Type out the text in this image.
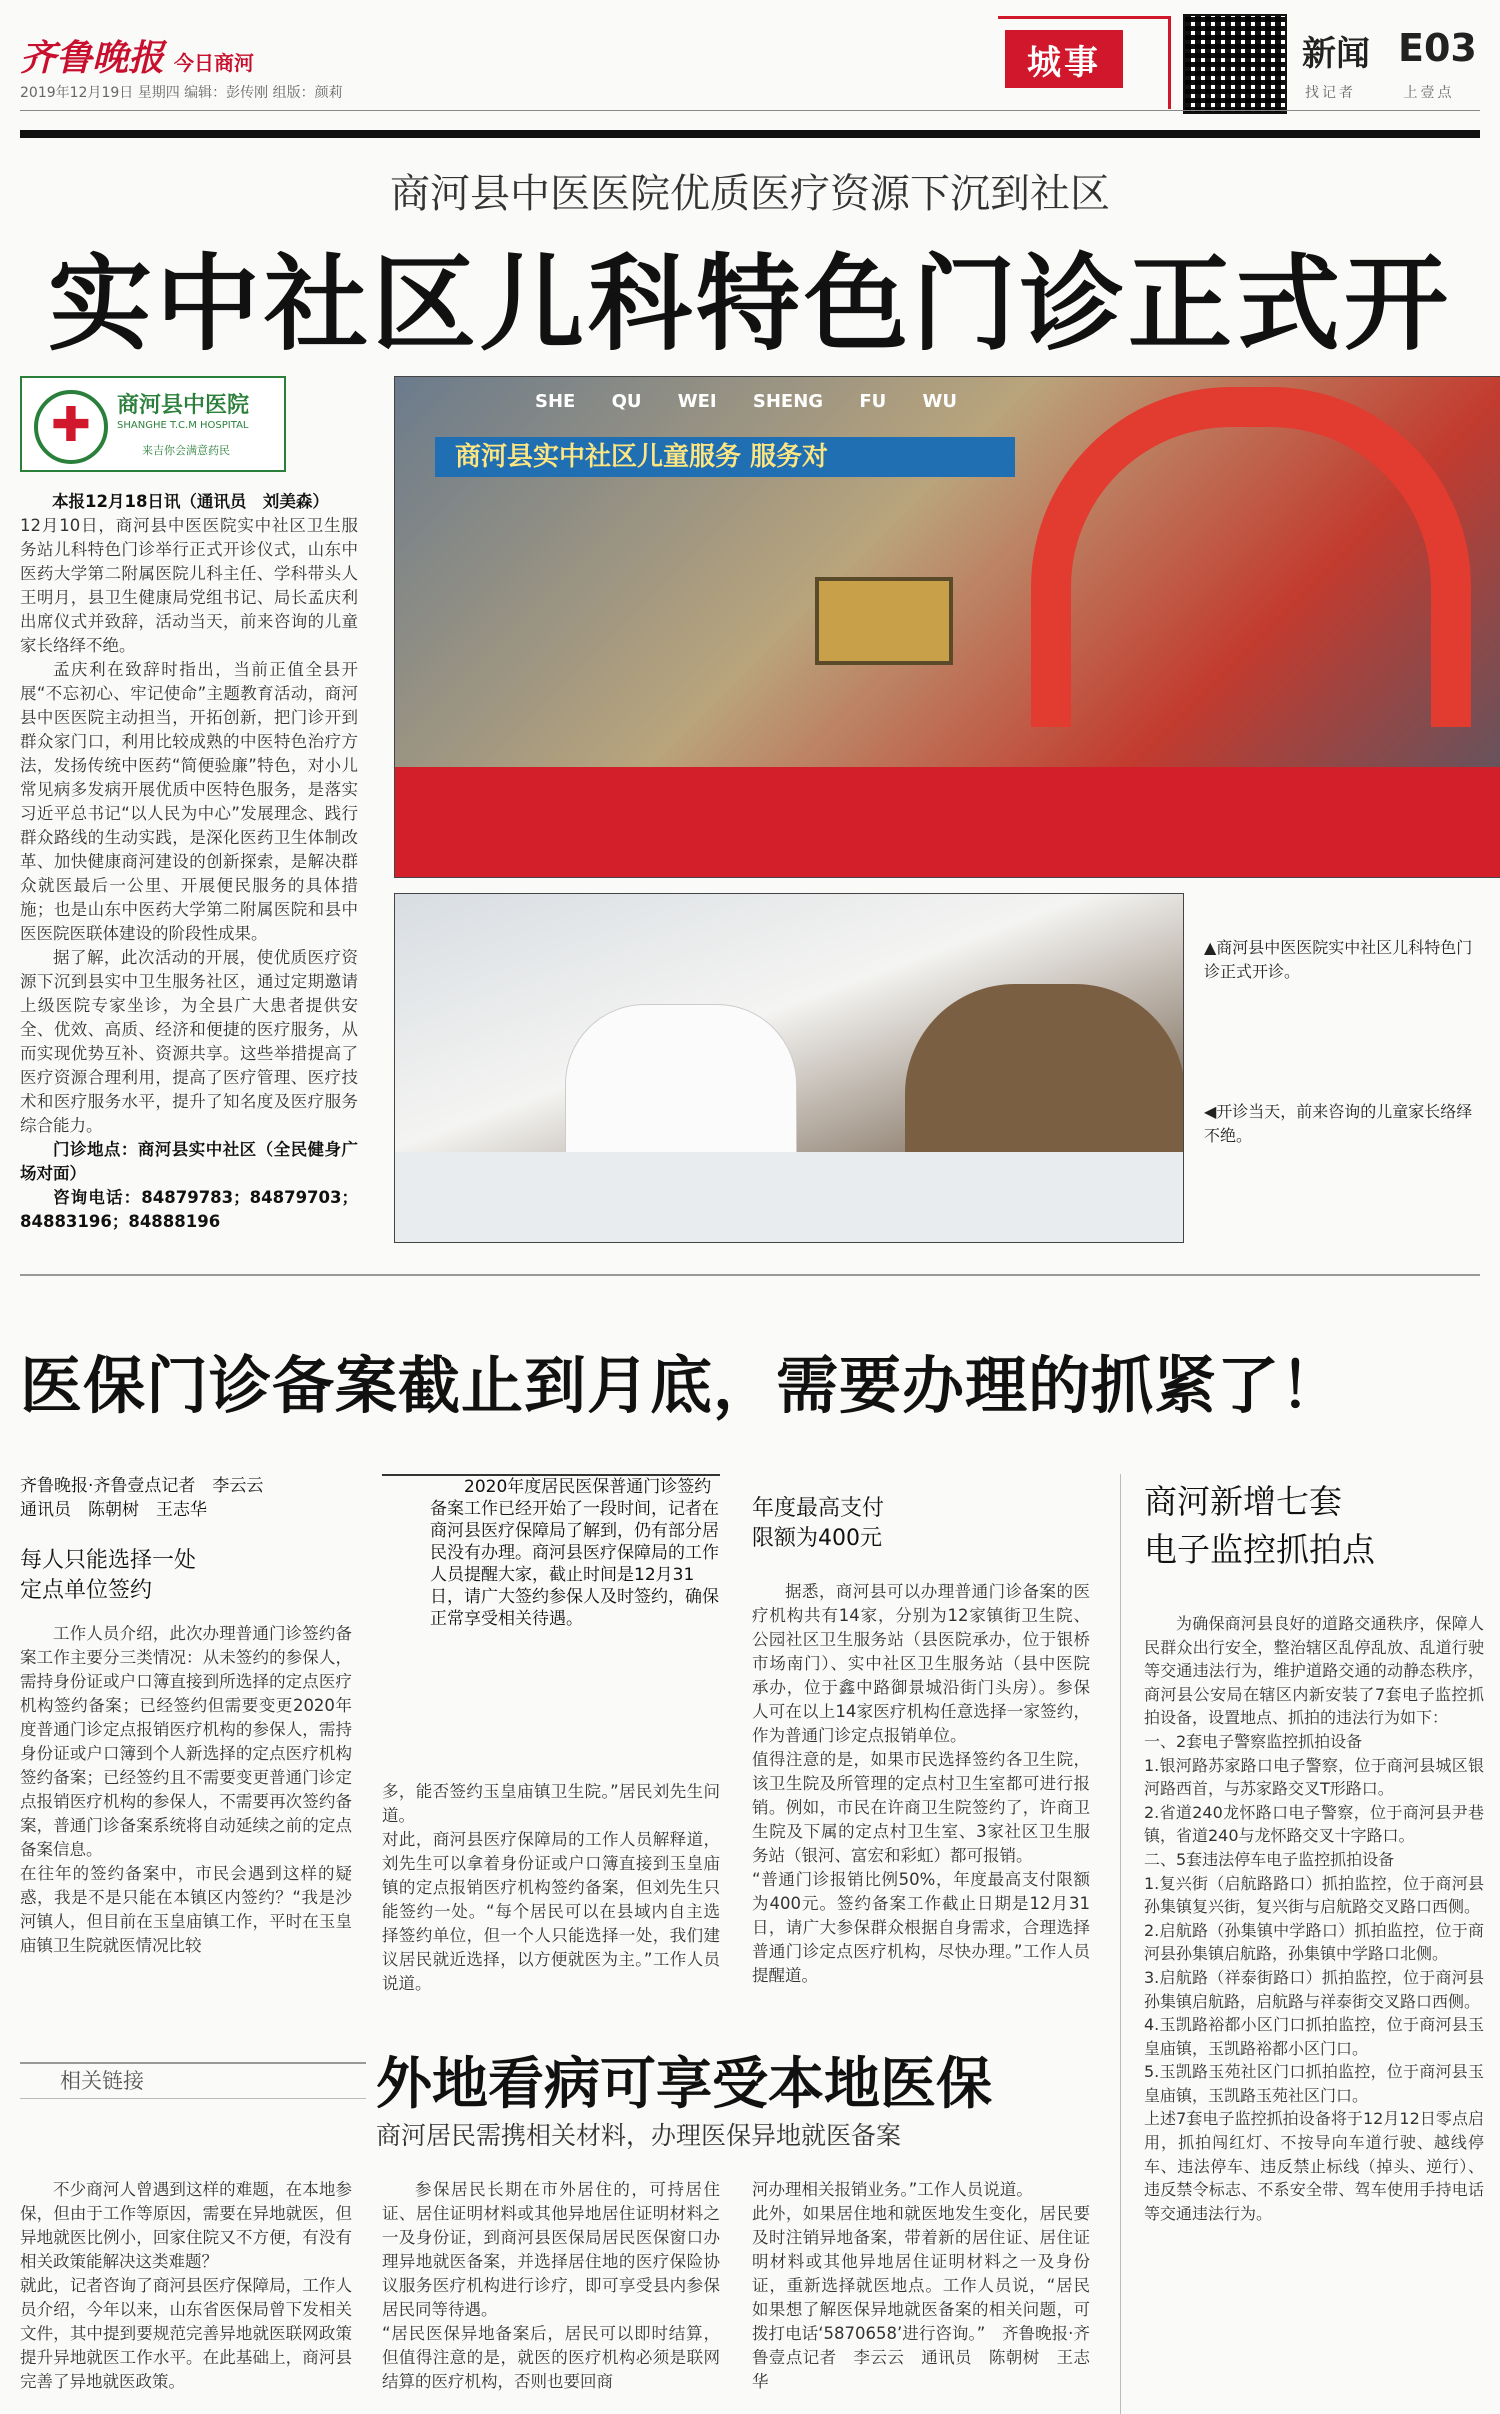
齐鲁晚报 今日商河
2019年12月19日 星期四 编辑：彭传刚 组版：颜莉
城事	新闻 E03
找记者 上壹点
商河县中医医院优质医疗资源下沉到社区
实中社区儿科特色门诊正式开
✚	商河县中医院
SHANGHE T.C.M HOSPITAL
来吉你会满意药民
本报12月18日讯（通讯员　刘美森）

12月10日，商河县中医医院实中社区卫生服务站儿科特色门诊举行正式开诊仪式，山东中医药大学第二附属医院儿科主任、学科带头人王明月，县卫生健康局党组书记、局长孟庆利出席仪式并致辞，活动当天，前来咨询的儿童家长络绎不绝。

孟庆利在致辞时指出，当前正值全县开展“不忘初心、牢记使命”主题教育活动，商河县中医医院主动担当，开拓创新，把门诊开到群众家门口，利用比较成熟的中医特色治疗方法，发扬传统中医药“简便验廉”特色，对小儿常见病多发病开展优质中医特色服务，是落实习近平总书记“以人民为中心”发展理念、践行群众路线的生动实践，是深化医药卫生体制改革、加快健康商河建设的创新探索，是解决群众就医最后一公里、开展便民服务的具体措施；也是山东中医药大学第二附属医院和县中医医院医联体建设的阶段性成果。

据了解，此次活动的开展，使优质医疗资源下沉到县实中卫生服务社区，通过定期邀请上级医院专家坐诊，为全县广大患者提供安全、优效、高质、经济和便捷的医疗服务，从而实现优势互补、资源共享。这些举措提高了医疗资源合理利用，提高了医疗管理、医疗技术和医疗服务水平，提升了知名度及医疗服务综合能力。

门诊地点：商河县实中社区（全民健身广场对面）
咨询电话：84879783；84879703；84883196；84888196
SHE QU WEI SHENG FU WU
商河县实中社区儿童服务 服务对
▲商河县中医医院实中社区儿科特色门诊正式开诊。
◀开诊当天，前来咨询的儿童家长络绎不绝。
医保门诊备案截止到月底，需要办理的抓紧了！
齐鲁晚报·齐鲁壹点记者　李云云
通讯员　陈朝树　王志华
每人只能选择一处
定点单位签约
工作人员介绍，此次办理普通门诊签约备案工作主要分三类情况：从未签约的参保人，需持身份证或户口簿直接到所选择的定点医疗机构签约备案；已经签约但需要变更2020年度普通门诊定点报销医疗机构的参保人，需持身份证或户口簿到个人新选择的定点医疗机构签约备案；已经签约且不需要变更普通门诊定点报销医疗机构的参保人，不需要再次签约备案，普通门诊备案系统将自动延续之前的定点备案信息。
在往年的签约备案中，市民会遇到这样的疑惑，我是不是只能在本镇区内签约？“我是沙河镇人，但目前在玉皇庙镇工作，平时在玉皇庙镇卫生院就医情况比较
2020年度居民医保普通门诊签约备案工作已经开始了一段时间，记者在商河县医疗保障局了解到，仍有部分居民没有办理。商河县医疗保障局的工作人员提醒大家，截止时间是12月31日，请广大签约参保人及时签约，确保正常享受相关待遇。
多，能否签约玉皇庙镇卫生院。”居民刘先生问道。
对此，商河县医疗保障局的工作人员解释道，刘先生可以拿着身份证或户口簿直接到玉皇庙镇的定点报销医疗机构签约备案，但刘先生只能签约一处。“每个居民可以在县域内自主选择签约单位，但一个人只能选择一处，我们建议居民就近选择，以方便就医为主。”工作人员说道。
年度最高支付
限额为400元
据悉，商河县可以办理普通门诊备案的医疗机构共有14家，分别为12家镇街卫生院、公园社区卫生服务站（县医院承办，位于银桥市场南门）、实中社区卫生服务站（县中医院承办，位于鑫中路御景城沿街门头房）。参保人可在以上14家医疗机构任意选择一家签约，作为普通门诊定点报销单位。
值得注意的是，如果市民选择签约各卫生院，该卫生院及所管理的定点村卫生室都可进行报销。例如，市民在许商卫生院签约了，许商卫生院及下属的定点村卫生室、3家社区卫生服务站（银河、富宏和彩虹）都可报销。
“普通门诊报销比例50%，年度最高支付限额为400元。签约备案工作截止日期是12月31日，请广大参保群众根据自身需求，合理选择普通门诊定点医疗机构，尽快办理。”工作人员提醒道。
商河新增七套
电子监控抓拍点
为确保商河县良好的道路交通秩序，保障人民群众出行安全，整治辖区乱停乱放、乱道行驶等交通违法行为，维护道路交通的动静态秩序，商河县公安局在辖区内新安装了7套电子监控抓拍设备，设置地点、抓拍的违法行为如下：
一、2套电子警察监控抓拍设备
1.银河路苏家路口电子警察，位于商河县城区银河路西首，与苏家路交叉T形路口。
2.省道240龙怀路口电子警察，位于商河县尹巷镇，省道240与龙怀路交叉十字路口。
二、5套违法停车电子监控抓拍设备
1.复兴街（启航路路口）抓拍监控，位于商河县孙集镇复兴街，复兴街与启航路交叉路口西侧。
2.启航路（孙集镇中学路口）抓拍监控，位于商河县孙集镇启航路，孙集镇中学路口北侧。
3.启航路（祥泰街路口）抓拍监控，位于商河县孙集镇启航路，启航路与祥泰街交叉路口西侧。
4.玉凯路裕都小区门口抓拍监控，位于商河县玉皇庙镇，玉凯路裕都小区门口。
5.玉凯路玉苑社区门口抓拍监控，位于商河县玉皇庙镇，玉凯路玉苑社区门口。
上述7套电子监控抓拍设备将于12月12日零点启用，抓拍闯红灯、不按导向车道行驶、越线停车、违法停车、违反禁止标线（掉头、逆行）、违反禁令标志、不系安全带、驾车使用手持电话等交通违法行为。
相关链接	外地看病可享受本地医保
商河居民需携相关材料，办理医保异地就医备案
不少商河人曾遇到这样的难题，在本地参保，但由于工作等原因，需要在异地就医，但异地就医比例小，回家住院又不方便，有没有相关政策能解决这类难题？
就此，记者咨询了商河县医疗保障局，工作人员介绍，今年以来，山东省医保局曾下发相关文件，其中提到要规范完善异地就医联网政策提升异地就医工作水平。在此基础上，商河县完善了异地就医政策。
参保居民长期在市外居住的，可持居住证、居住证明材料或其他异地居住证明材料之一及身份证，到商河县医保局居民医保窗口办理异地就医备案，并选择居住地的医疗保险协议服务医疗机构进行诊疗，即可享受县内参保居民同等待遇。
“居民医保异地备案后，居民可以即时结算，但值得注意的是，就医的医疗机构必须是联网结算的医疗机构，否则也要回商
河办理相关报销业务。”工作人员说道。
此外，如果居住地和就医地发生变化，居民要及时注销异地备案，带着新的居住证、居住证明材料或其他异地居住证明材料之一及身份证，重新选择就医地点。工作人员说，“居民如果想了解医保异地就医备案的相关问题，可拨打电话‘5870658’进行咨询。”　齐鲁晚报·齐鲁壹点记者　李云云　通讯员　陈朝树　王志华
